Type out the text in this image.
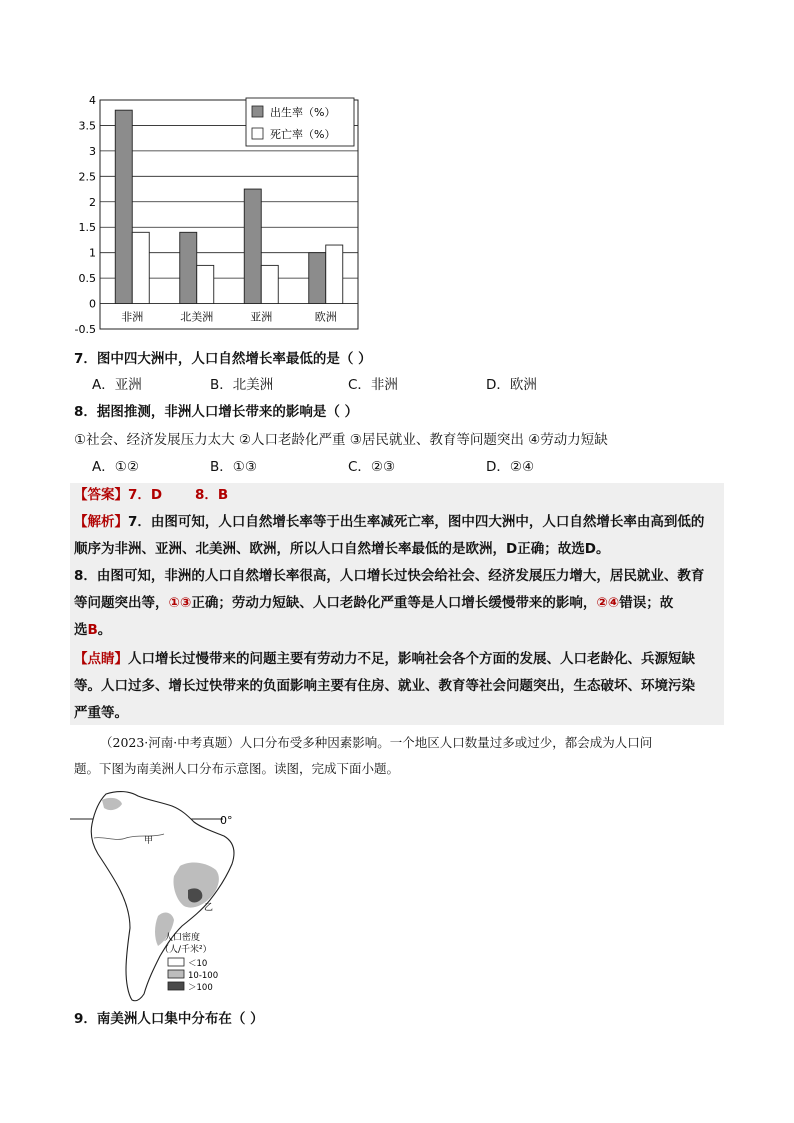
4
3.5
3
2.5
2
1.5
1
0.5
0
-0.5
非洲	北美洲	亚洲	欧洲
出生率（%）
死亡率（%）
7．图中四大洲中，人口自然增长率最低的是（ ）
A．亚洲	B．北美洲	C．非洲	D．欧洲
8．据图推测，非洲人口增长带来的影响是（ ）
①社会、经济发展压力太大 ②人口老龄化严重 ③居民就业、教育等问题突出 ④劳动力短缺
A．①②	B．①③	C．②③	D．②④
【答案】7．D       8．B
【解析】7．由图可知，人口自然增长率等于出生率减死亡率，图中四大洲中，人口自然增长率由高到低的
顺序为非洲、亚洲、北美洲、欧洲，所以人口自然增长率最低的是欧洲，D正确；故选D。
8．由图可知，非洲的人口自然增长率很高，人口增长过快会给社会、经济发展压力增大，居民就业、教育
等问题突出等，①③正确；劳动力短缺、人口老龄化严重等是人口增长缓慢带来的影响，②④错误；故
选B。
【点睛】人口增长过慢带来的问题主要有劳动力不足，影响社会各个方面的发展、人口老龄化、兵源短缺
等。人口过多、增长过快带来的负面影响主要有住房、就业、教育等社会问题突出，生态破坏、环境污染
严重等。
（2023·河南·中考真题）人口分布受多种因素影响。一个地区人口数量过多或过少，都会成为人口问
题。下图为南美洲人口分布示意图。读图，完成下面小题。
0°
甲
乙
人口密度
（人/千米²）
＜10
10-100
＞100
9．南美洲人口集中分布在（ ）
